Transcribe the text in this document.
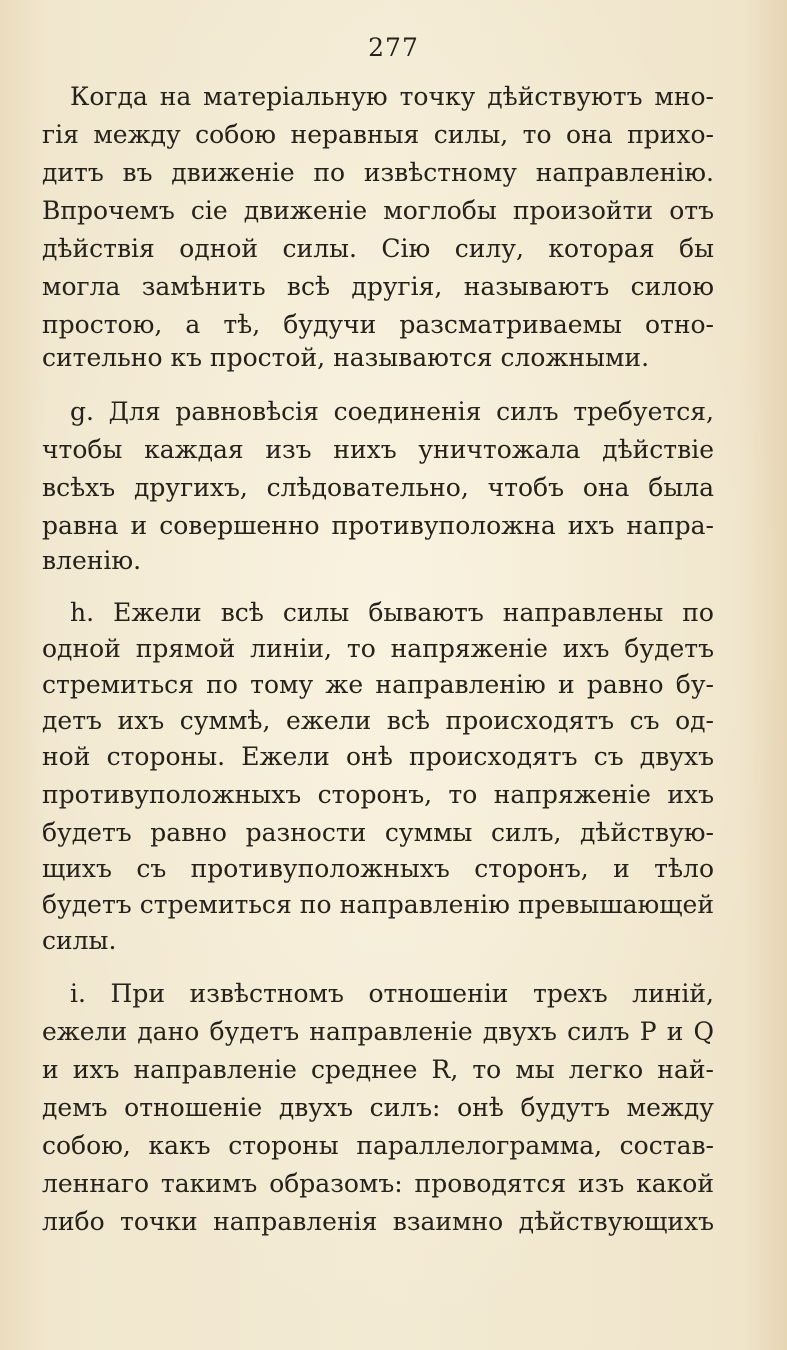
277
Когда на матеріальную точку дѣйствуютъ мно-
гія между собою неравныя силы, то она прихо-
дитъ въ движеніе по извѣстному направленію.
Впрочемъ сіе движеніе моглобы произойти отъ
дѣйствія одной силы. Сію силу, которая бы
могла замѣнить всѣ другія, называютъ силою
простою, а тѣ, будучи разсматриваемы отно-
сительно къ простой, называются сложными.
g. Для равновѣсія соединенія силъ требуется,
чтобы каждая изъ нихъ уничтожала дѣйствіе
всѣхъ другихъ, слѣдовательно, чтобъ она была
равна и совершенно противуположна ихъ напра-
вленію.
h. Ежели всѣ силы бываютъ направлены по
одной прямой линіи, то напряженіе ихъ будетъ
стремиться по тому же направленію и равно бу-
детъ ихъ суммѣ, ежели всѣ происходятъ съ од-
ной стороны. Ежели онѣ происходятъ съ двухъ
противуположныхъ сторонъ, то напряженіе ихъ
будетъ равно разности суммы силъ, дѣйствую-
щихъ съ противуположныхъ сторонъ, и тѣло
будетъ стремиться по направленію превышающей
силы.
i. При извѣстномъ отношеніи трехъ линій,
ежели дано будетъ направленіе двухъ силъ P и Q
и ихъ направленіе среднее R, то мы легко най-
демъ отношеніе двухъ силъ: онѣ будутъ между
собою, какъ стороны параллелограмма, состав-
леннаго такимъ образомъ: проводятся изъ какой
либо точки направленія взаимно дѣйствующихъ
